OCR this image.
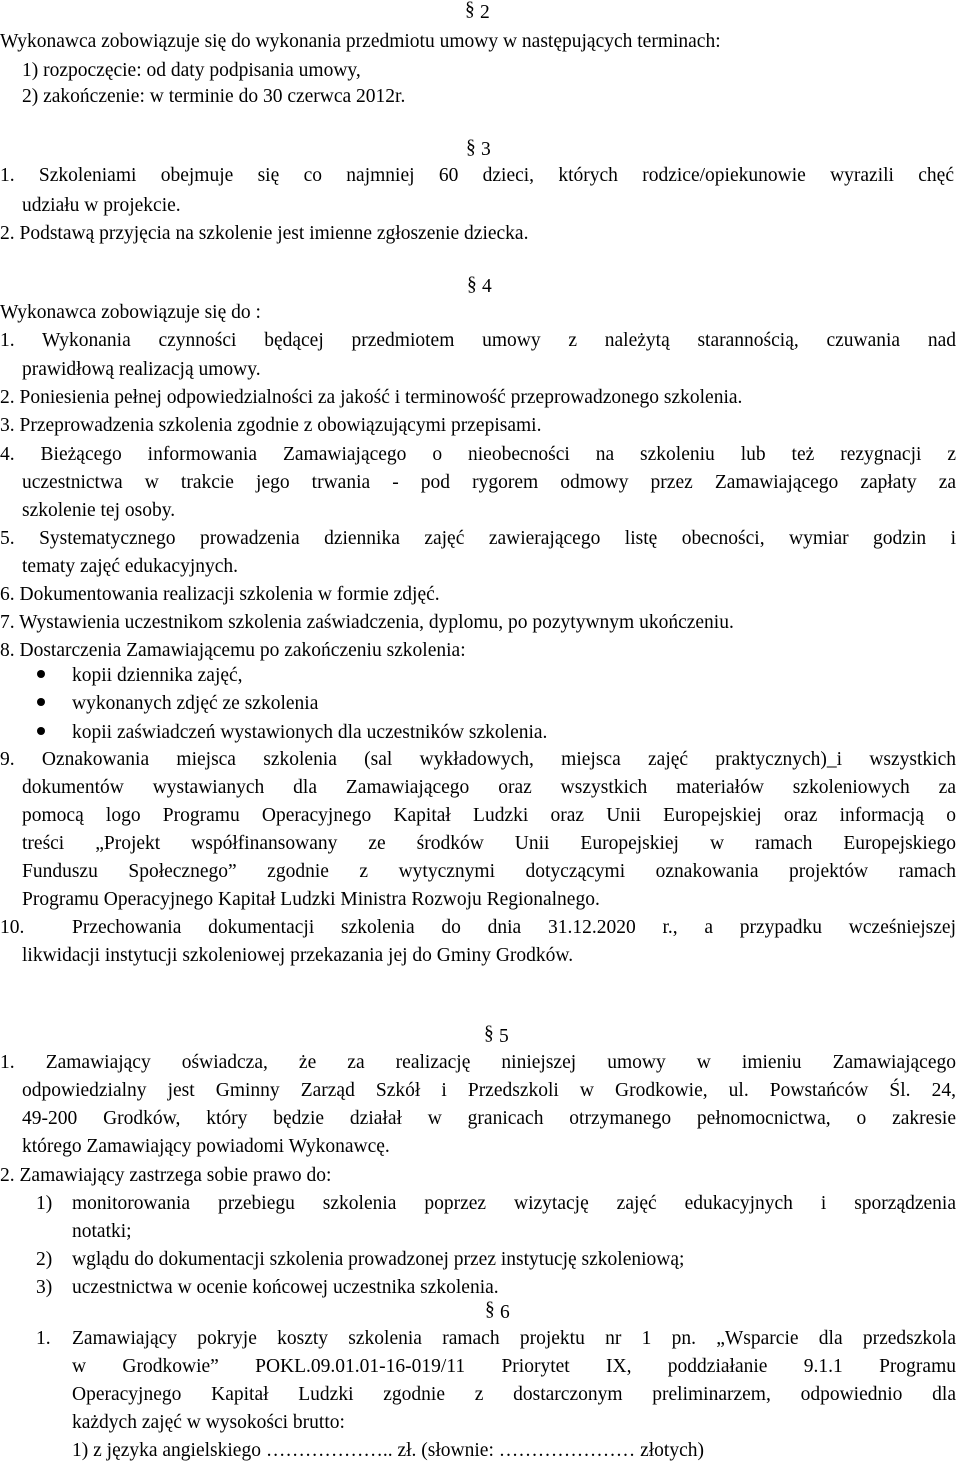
§ 2
Wykonawca zobowiązuje się do wykonania przedmiotu umowy w następujących terminach:
1) rozpoczęcie: od daty podpisania umowy,
2) zakończenie: w terminie do 30 czerwca 2012r.
§ 3
1. Szkoleniami obejmuje się co najmniej 60 dzieci, których rodzice/opiekunowie wyrazili chęć
udziału w projekcie.
2. Podstawą przyjęcia na szkolenie jest imienne zgłoszenie dziecka.
§ 4
Wykonawca zobowiązuje się do :
1. Wykonania czynności będącej przedmiotem umowy z należytą starannością, czuwania nad
prawidłową realizacją umowy.
2. Poniesienia pełnej odpowiedzialności za jakość i terminowość przeprowadzonego szkolenia.
3. Przeprowadzenia szkolenia zgodnie z obowiązującymi przepisami.
4. Bieżącego informowania Zamawiającego o nieobecności na szkoleniu lub też rezygnacji z
uczestnictwa w trakcie jego trwania - pod rygorem odmowy przez Zamawiającego zapłaty za
szkolenie tej osoby.
5. Systematycznego prowadzenia dziennika zajęć zawierającego listę obecności, wymiar godzin i
tematy zajęć edukacyjnych.
6. Dokumentowania realizacji szkolenia w formie zdjęć.
7. Wystawienia uczestnikom szkolenia zaświadczenia, dyplomu, po pozytywnym ukończeniu.
8. Dostarczenia Zamawiającemu po zakończeniu szkolenia:
kopii dziennika zajęć,
wykonanych zdjęć ze szkolenia
kopii zaświadczeń wystawionych dla uczestników szkolenia.
9. Oznakowania miejsca szkolenia (sal wykładowych, miejsca zajęć praktycznych)_i wszystkich
dokumentów wystawianych dla Zamawiającego oraz wszystkich materiałów szkoleniowych za
pomocą logo Programu Operacyjnego Kapitał Ludzki oraz Unii Europejskiej oraz informacją o
treści „Projekt współfinansowany ze środków Unii Europejskiej w ramach Europejskiego
Funduszu Społecznego” zgodnie z wytycznymi dotyczącymi oznakowania projektów ramach
Programu Operacyjnego Kapitał Ludzki Ministra Rozwoju Regionalnego.
10. Przechowania dokumentacji szkolenia do dnia 31.12.2020 r., a przypadku wcześniejszej
likwidacji instytucji szkoleniowej przekazania jej do Gminy Grodków.
§ 5
1. Zamawiający oświadcza, że za realizację niniejszej umowy w imieniu Zamawiającego
odpowiedzialny jest Gminny Zarząd Szkół i Przedszkoli w Grodkowie, ul. Powstańców Śl. 24,
49-200 Grodków, który będzie działał w granicach otrzymanego pełnomocnictwa, o zakresie
którego Zamawiający powiadomi Wykonawcę.
2. Zamawiający zastrzega sobie prawo do:
1) monitorowania przebiegu szkolenia poprzez wizytację zajęć edukacyjnych i sporządzenia
notatki;
2) wglądu do dokumentacji szkolenia prowadzonej przez instytucję szkoleniową;
3) uczestnictwa w ocenie końcowej uczestnika szkolenia.
§ 6
1. Zamawiający pokryje koszty szkolenia ramach projektu nr 1 pn. „Wsparcie dla przedszkola
w Grodkowie” POKL.09.01.01-16-019/11 Priorytet IX, poddziałanie 9.1.1 Programu
Operacyjnego Kapitał Ludzki zgodnie z dostarczonym preliminarzem, odpowiednio dla
każdych zajęć w wysokości brutto:
1) z języka angielskiego ……………….. zł. (słownie: ………………… złotych)
